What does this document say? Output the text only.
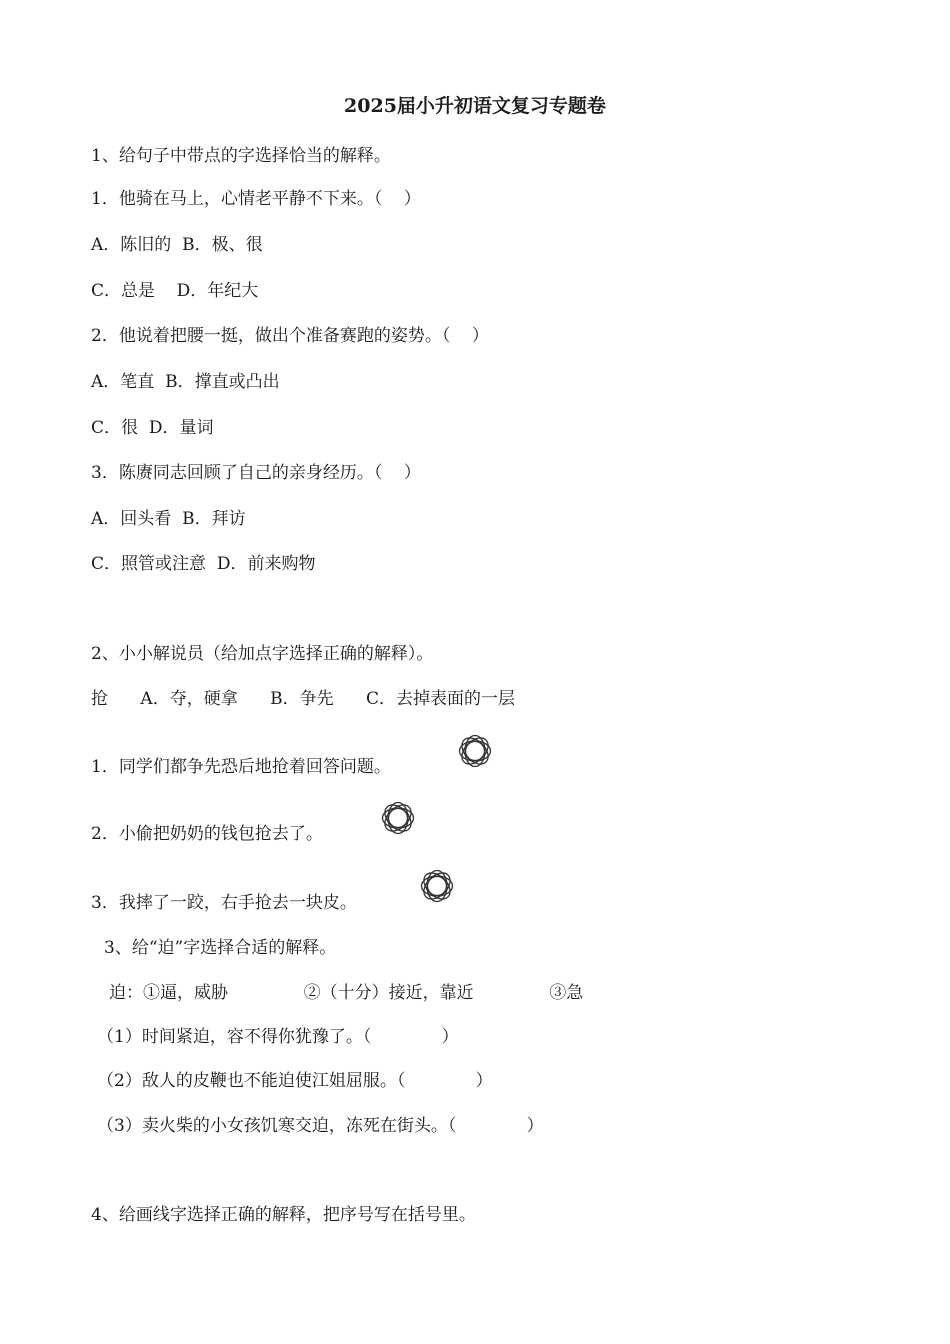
2025届小升初语文复习专题卷
1、给句子中带点的字选择恰当的解释。
1．他骑在马上，心情老平静不下来。（    ）
A．陈旧的  B．极、很
C．总是    D．年纪大
2．他说着把腰一挺，做出个准备赛跑的姿势。（    ）
A．笔直  B．撑直或凸出
C．很  D．量词
3．陈赓同志回顾了自己的亲身经历。（    ）
A．回头看  B．拜访
C．照管或注意  D．前来购物
2、小小解说员（给加点字选择正确的解释）。
抢      A．夺，硬拿      B．争先      C．去掉表面的一层
1．同学们都争先恐后地抢着回答问题。
2．小偷把奶奶的钱包抢去了。
3．我摔了一跤，右手抢去一块皮。
3、给“迫”字选择合适的解释。
迫：①逼，威胁              ②（十分）接近，靠近              ③急
（1）时间紧迫，容不得你犹豫了。（             ）
（2）敌人的皮鞭也不能迫使江姐屈服。（             ）
（3）卖火柴的小女孩饥寒交迫，冻死在街头。（             ）
4、给画线字选择正确的解释，把序号写在括号里。
